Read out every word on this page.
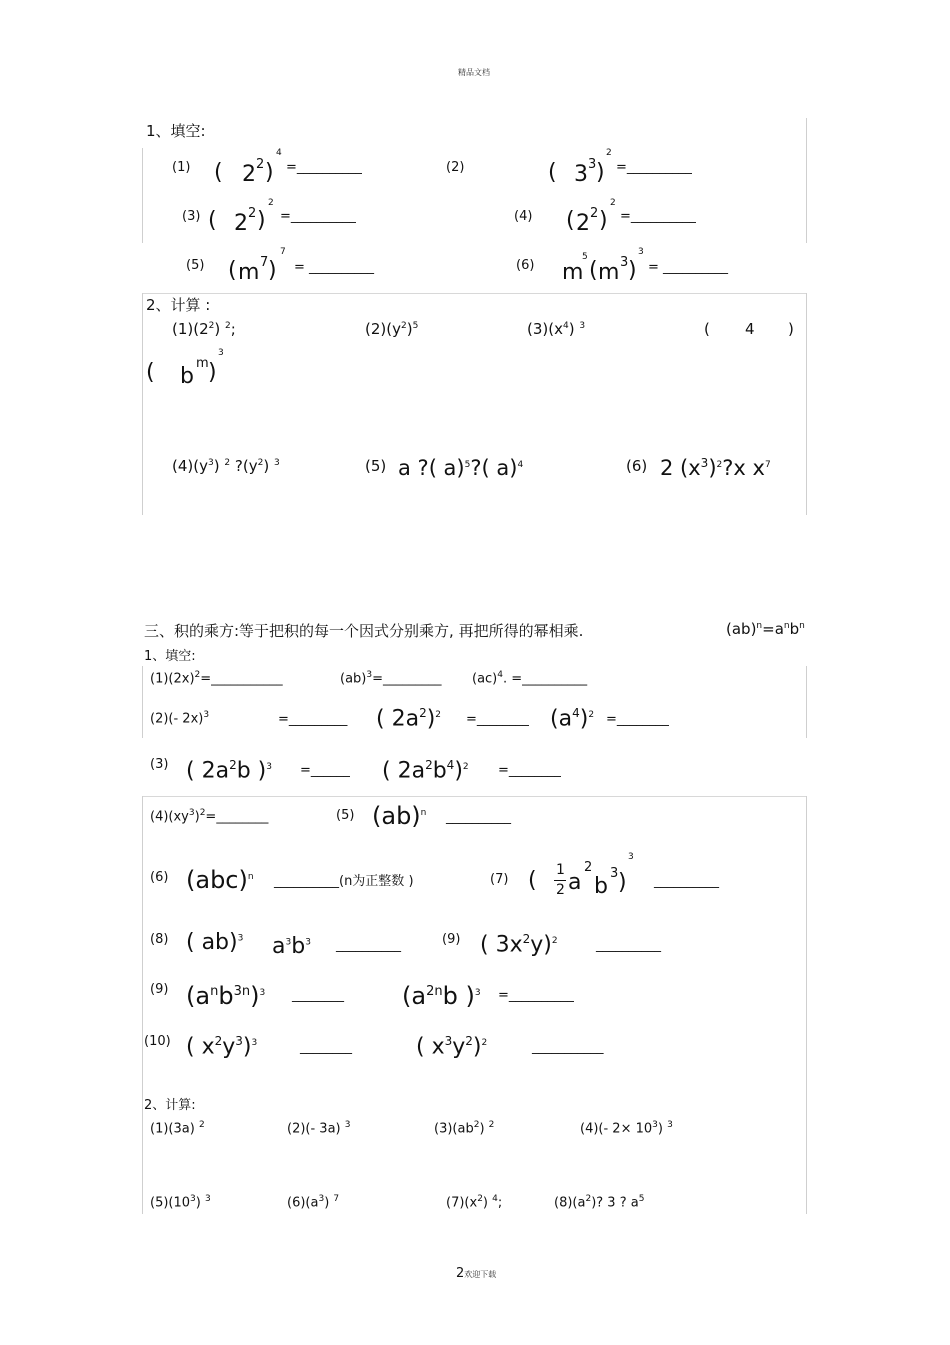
精品文档
1、填空:
(1) ( 2 2 )
4
=__________	(2)	( 3 3 )
2
=__________
(3) ( 2 2 )
2
=__________	(4) ( 2 2 )
2
=__________
(5) ( m 7 )
7
= __________	(6) m
5
( m 3 )
3
= __________
2、计算 :
$(1)(2^2)$ $^2$;	$(2)(y^2)^5$	$(3)(x^4)$ $^3$	( 4 )
( b
m )
3
$(4)(y^3)$ $^2$ $?(y^2)$ $^3$	(5) a ?( a)$^5$?( a)$^4$	(6) 2 $(x^3)^2?x$ $x^7$
三、积的乘方:等于把积的每一个因式分别乘方, 再把所得的幂相乘.	$(ab)^n=a^nb^n$
1、填空:
$(1)(2x)^2=\_\_\_\_\_\_\_\_\_\_\_$	(ab)$^3$=_________ (ac)$^4$. =__________
(2)(- 2x)$^3$	=_________ ( $2a^2)^2$ =________ $(a^4)^2$ =________
(3) ( $2a^2b$ )$^3$ =______ ( $2a^2b^4)^2$ =________
$(4)(xy^3)^2=\_\_\_\_\_\_\_\_$	(5) (ab)$^n$ __________
(6) (abc)$^n$ __________(n为正整数 )	(7) ( 1
2 a
2
b
3 )
3
__________
(8) ( ab)$^3$ $a^3b^3$ __________	(9) ( $3x^2y)^2$	__________
(9) $(a^nb^{3n})^3$ ________ ($a^{2n}b$ )$^3$ =__________
(10) ( $x^2y^3)^3$	________	( $x^3y^2)^2$	___________
2、计算:
(1)(3a) $^2$	(2)(- 3a) $^3$	$(3)(ab^2)$ $^2$	(4)(- $2\times 10^3$) $^3$
$(5)(10^3)$ $^3$	$(6)(a^3)$ $^7$	$(7)(x^2)$ $^4$;	$(8)(a^2)$? 3 ? $a^5$
2欢迎下载
